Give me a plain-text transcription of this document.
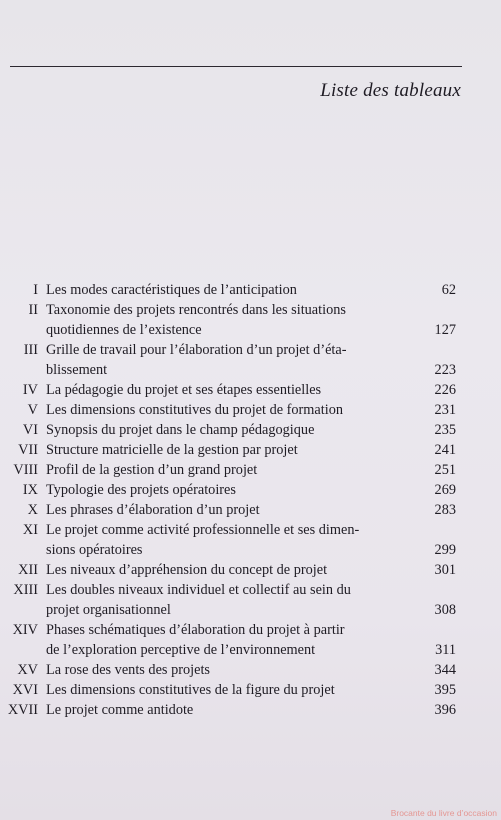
Liste des tableaux
I Les modes caractéristiques de l’anticipation	62
II Taxonomie des projets rencontrés dans les situations
quotidiennes de l’existence	127
III Grille de travail pour l’élaboration d’un projet d’éta-
blissement	223
IV La pédagogie du projet et ses étapes essentielles	226
V Les dimensions constitutives du projet de formation	231
VI Synopsis du projet dans le champ pédagogique	235
VII Structure matricielle de la gestion par projet	241
VIII Profil de la gestion d’un grand projet	251
IX Typologie des projets opératoires	269
X Les phrases d’élaboration d’un projet	283
XI Le projet comme activité professionnelle et ses dimen-
sions opératoires	299
XII Les niveaux d’appréhension du concept de projet	301
XIII Les doubles niveaux individuel et collectif au sein du
projet organisationnel	308
XIV Phases schématiques d’élaboration du projet à partir
de l’exploration perceptive de l’environnement	311
XV La rose des vents des projets	344
XVI Les dimensions constitutives de la figure du projet	395
XVII Le projet comme antidote	396
Brocante du livre d’occasion
